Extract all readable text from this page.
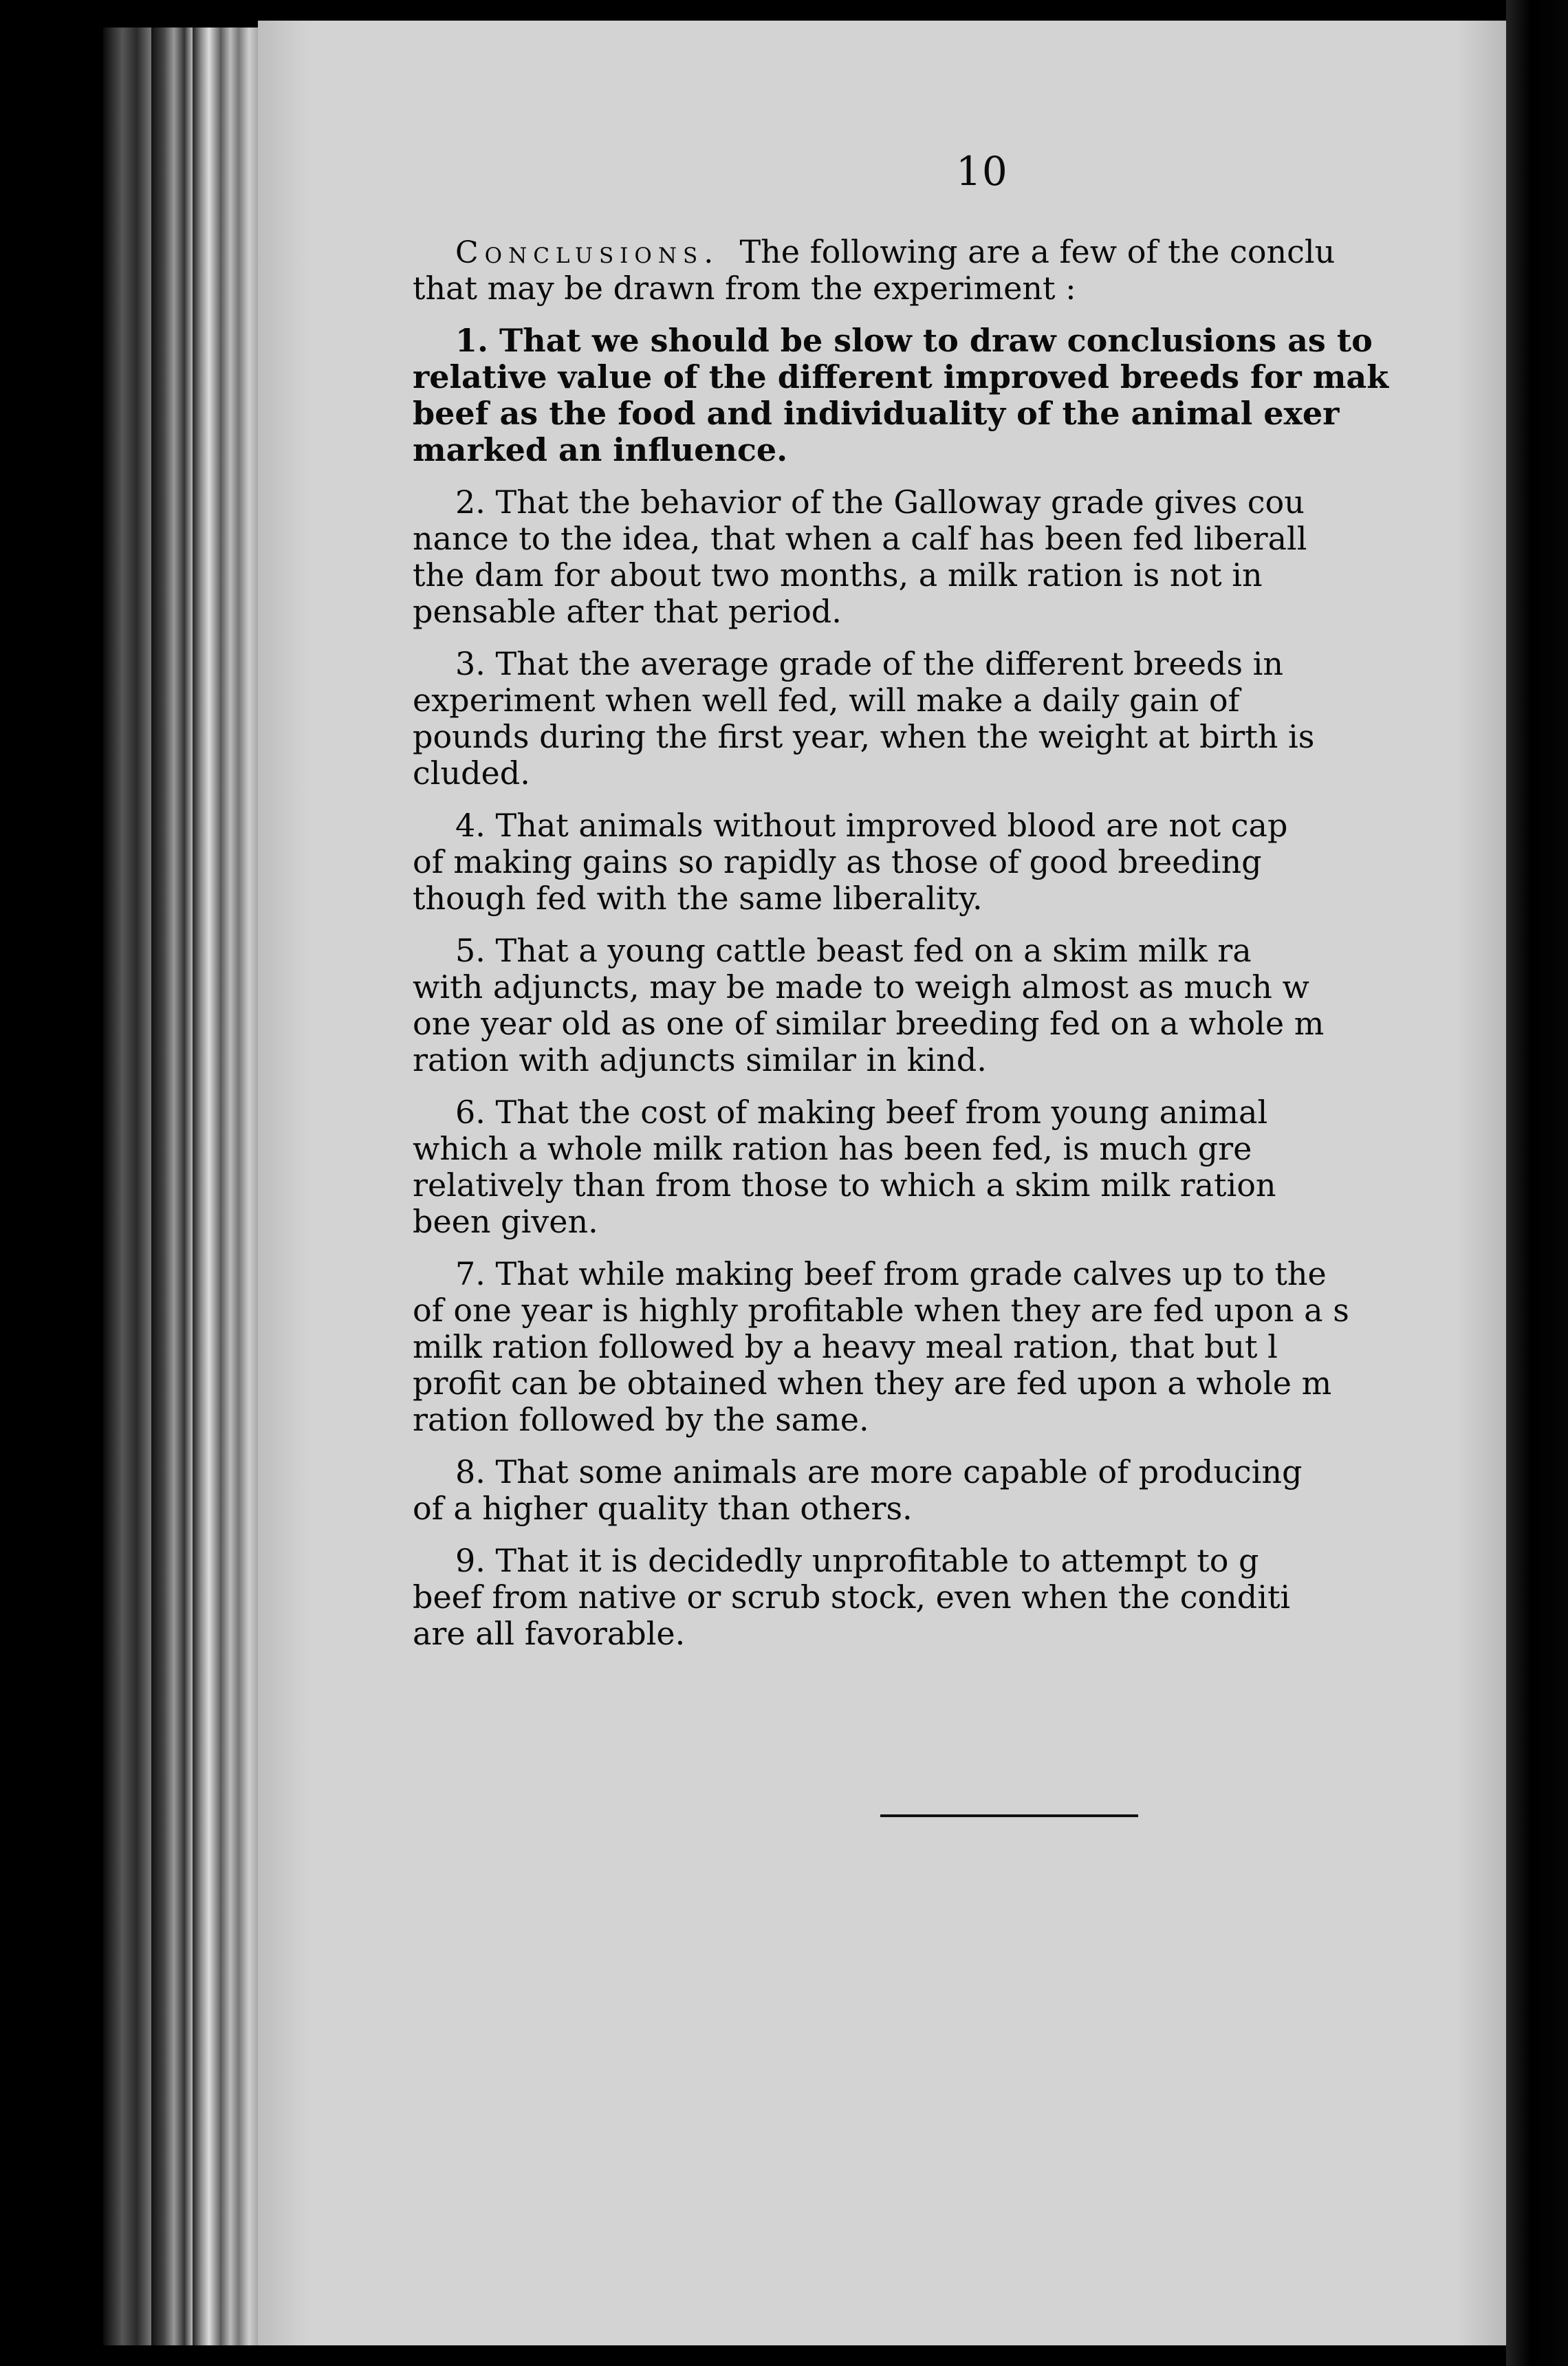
10
Conclusions. The following are a few of the conclu
that may be drawn from the experiment :
1. That we should be slow to draw conclusions as to
relative value of the different improved breeds for mak
beef as the food and individuality of the animal exer
marked an influence.
2. That the behavior of the Galloway grade gives cou
nance to the idea, that when a calf has been fed liberall
the dam for about two months, a milk ration is not in
pensable after that period.
3. That the average grade of the different breeds in
experiment when well fed, will make a daily gain of
pounds during the first year, when the weight at birth is
cluded.
4. That animals without improved blood are not cap
of making gains so rapidly as those of good breeding
though fed with the same liberality.
5. That a young cattle beast fed on a skim milk ra
with adjuncts, may be made to weigh almost as much w
one year old as one of similar breeding fed on a whole m
ration with adjuncts similar in kind.
6. That the cost of making beef from young animal
which a whole milk ration has been fed, is much gre
relatively than from those to which a skim milk ration
been given.
7. That while making beef from grade calves up to the
of one year is highly profitable when they are fed upon a s
milk ration followed by a heavy meal ration, that but l
profit can be obtained when they are fed upon a whole m
ration followed by the same.
8. That some animals are more capable of producing
of a higher quality than others.
9. That it is decidedly unprofitable to attempt to g
beef from native or scrub stock, even when the conditi
are all favorable.
